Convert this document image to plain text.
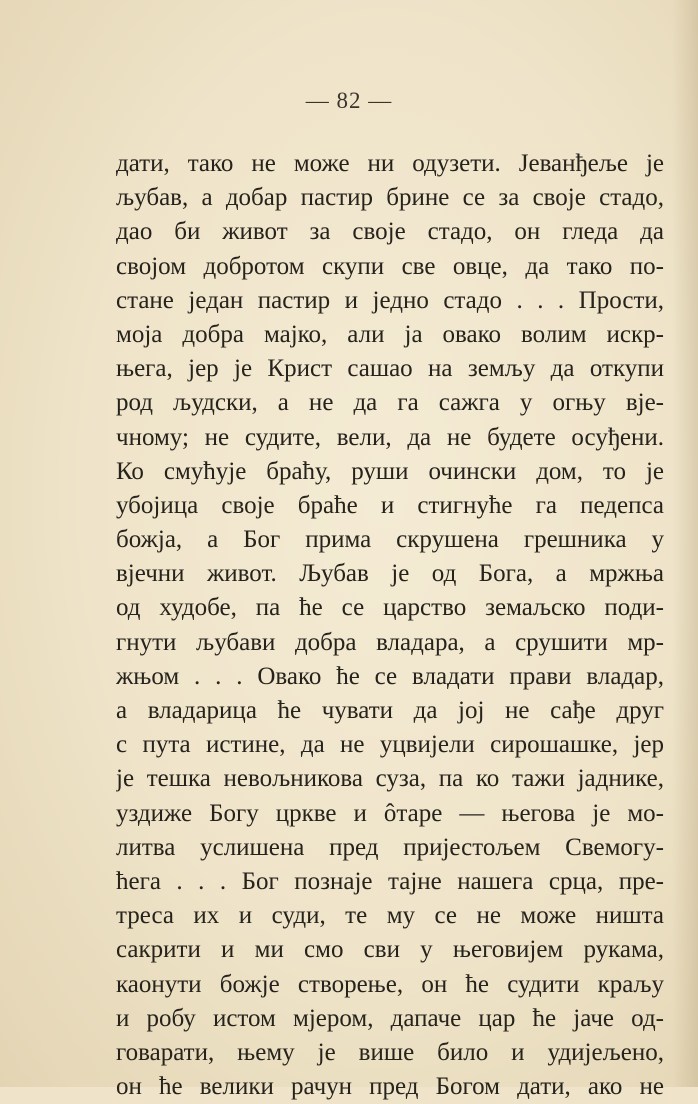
— 82 —
дати, тако не може ни одузети. Јеванђеље је
љубав, а добар пастир брине се за своје стадо,
дао би живот за своје стадо, он гледа да
својом добротом скупи све овце, да тако по-
стане један пастир и једно стадо . . . Прости,
моја добра мајко, али ја овако волим искр-
њега, јер је Крист сашао на земљу да откупи
род људски, а не да га сажга у огњу вје-
чному; не судите, вели, да не будете осуђени.
Ко смућује браћу, руши очински дом, то је
убојица своје браће и стигнуће га педепса
божја, а Бог прима скрушена грешника у
вјечни живот. Љубав је од Бога, а мржња
од худобе, па ће се царство земаљско поди-
гнути љубави добра владара, а срушити мр-
жњом . . . Овако ће се владати прави владар,
а владарица ће чувати да јој не сађе друг
с пута истине, да не уцвијели сирошашке, јер
је тешка невољникова суза, па ко тажи јаднике,
уздиже Богу цркве и ôтаре — његова је мо-
литва услишена пред пријестољем Свемогу-
ћега . . . Бог познаје тајне нашега срца, пре-
треса их и суди, те му се не може ништа
сакрити и ми смо сви у његовијем рукама,
каонути божје створење, он ће судити краљу
и робу истом мјером, дапаче цар ће јаче од-
говарати, њему је више било и удијељено,
он ће велики рачун пред Богом дати, ако не
